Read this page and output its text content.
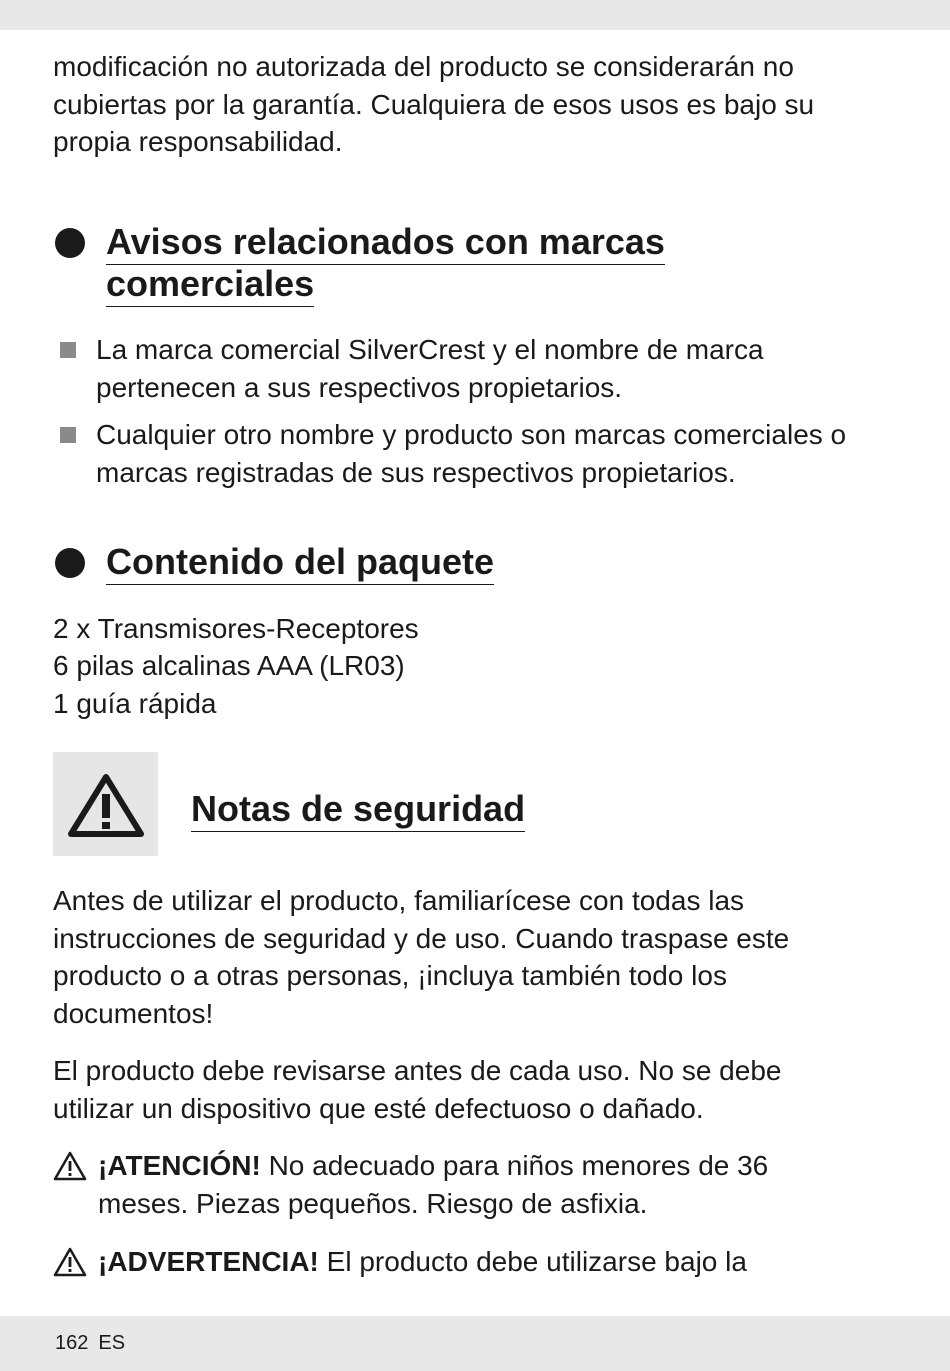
modificación no autorizada del producto se considerarán no cubiertas por la garantía. Cualquiera de esos usos es bajo su propia responsabilidad.

Avisos relacionados con marcas comerciales

La marca comercial SilverCrest y el nombre de marca pertenecen a sus respectivos propietarios.

Cualquier otro nombre y producto son marcas comerciales o marcas registradas de sus respectivos propietarios.

Contenido del paquete

2 x Transmisores-Receptores

6 pilas alcalinas AAA (LR03)

1 guía rápida

Notas de seguridad

Antes de utilizar el producto, familiarícese con todas las instrucciones de seguridad y de uso. Cuando traspase este producto o a otras personas, ¡incluya también todo los documentos!

El producto debe revisarse antes de cada uso. No se debe utilizar un dispositivo que esté defectuoso o dañado.

¡ATENCIÓN! No adecuado para niños menores de 36 meses. Piezas pequeños. Riesgo de asfixia.

¡ADVERTENCIA! El producto debe utilizarse bajo la

162 ES
